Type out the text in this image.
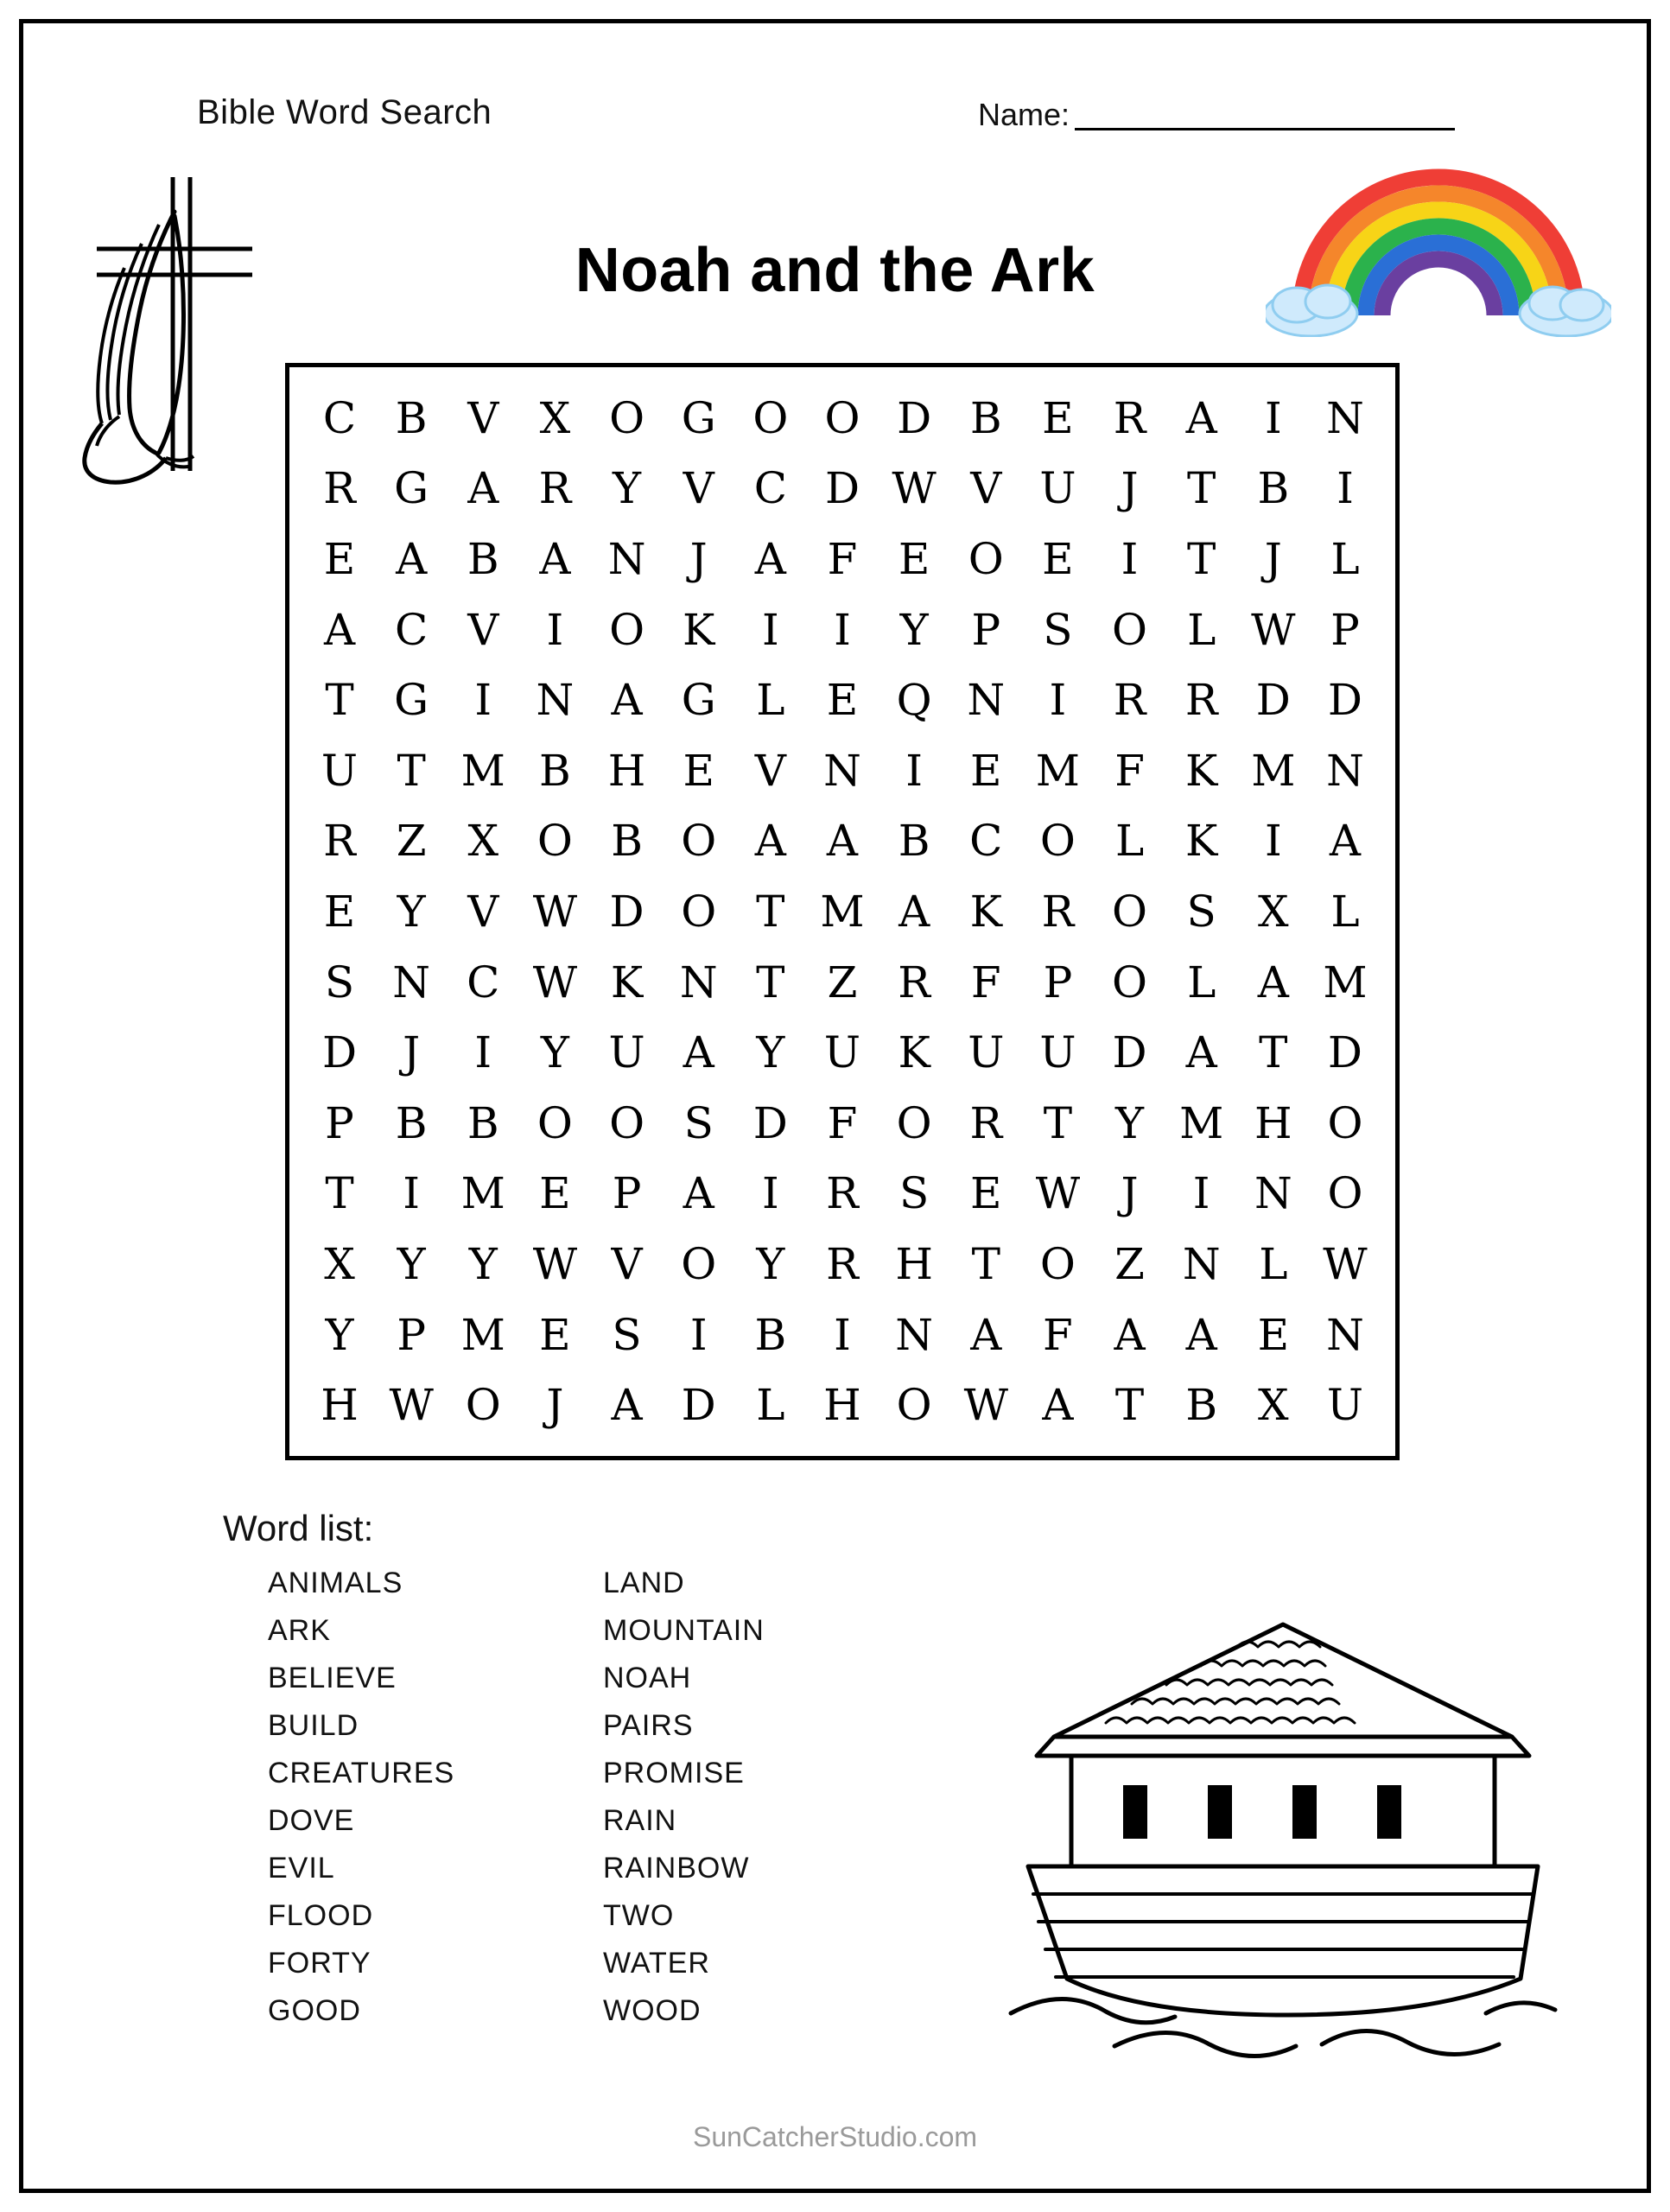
Bible Word Search	Name:
Noah and the Ark
C B V X O G O O D B E R A	I	N
R G A R Y V C D W V U	J	T B	I
E A B A N	J	A F E O E	I	T	J	L
A C V	I	O K	I	I	Y P S O L W P
T G	I	N A G L E Q N	I	R R D D
U T M B H E V N	I	E M F K M N
R Z X O B O A A B C O L K	I	A
E Y V W D O T M A K R O S X L
S N C W K N T Z R F P O L A M
D	J	I	Y U A Y U K U U D A T D
P B B O O S D F O R T Y M H O
T	I M E P A	I	R S E W J	I	N O
X Y	Y W V O Y R H T O Z N L W
Y P M E S	I	B	I	N A F A A E N
H W O	J	A D L H O W A T B X U
Word list:
ANIMALS
ARK
BELIEVE
BUILD
CREATURES
DOVE
EVIL
FLOOD
FORTY
GOOD
LAND
MOUNTAIN
NOAH
PAIRS
PROMISE
RAIN
RAINBOW
TWO
WATER
WOOD
SunCatcherStudio.com
